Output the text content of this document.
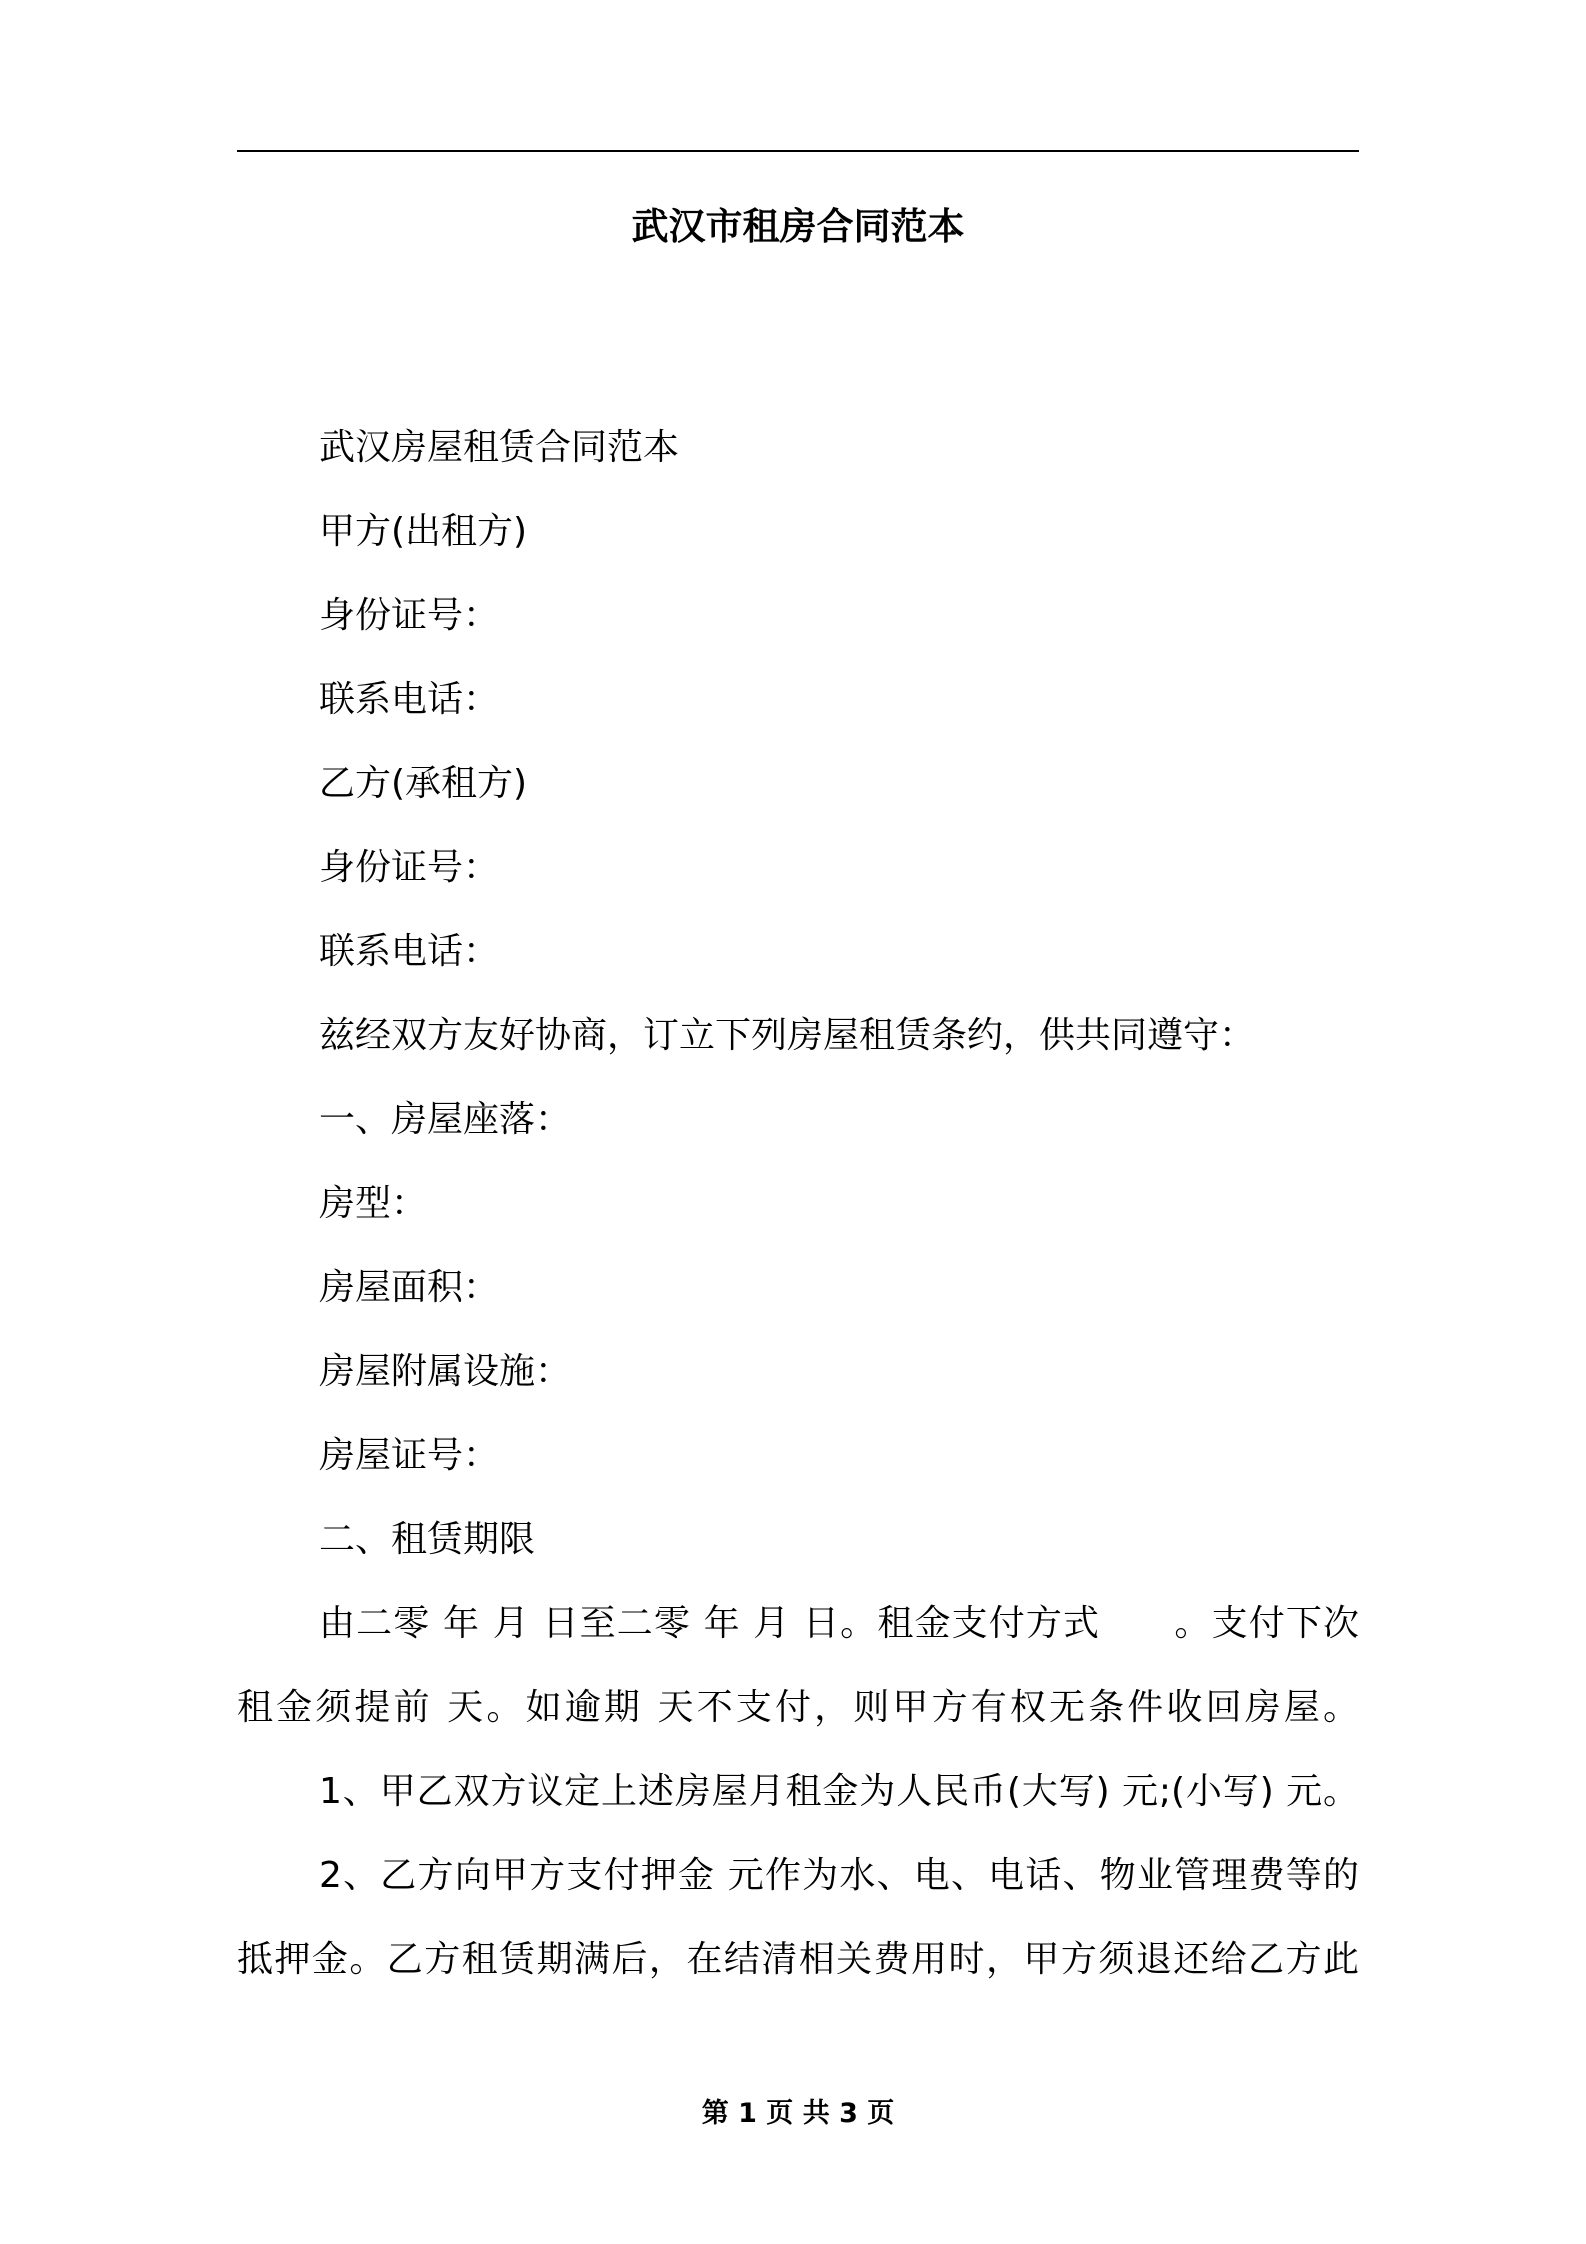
武汉市租房合同范本

武汉房屋租赁合同范本

甲方(出租方)

身份证号：

联系电话：

乙方(承租方)

身份证号：

联系电话：

兹经双方友好协商，订立下列房屋租赁条约，供共同遵守：

一、房屋座落：

房型：

房屋面积：

房屋附属设施：

房屋证号：

二、租赁期限

由二零 年 月 日至二零 年 月 日。租金支付方式　　。支付下次租金须提前 天。如逾期 天不支付，则甲方有权无条件收回房屋。

1、甲乙双方议定上述房屋月租金为人民币(大写) 元;(小写) 元。

2、乙方向甲方支付押金 元作为水、电、电话、物业管理费等的抵押金。乙方租赁期满后，在结清相关费用时，甲方须退还给乙方此

第 1 页 共 3 页
